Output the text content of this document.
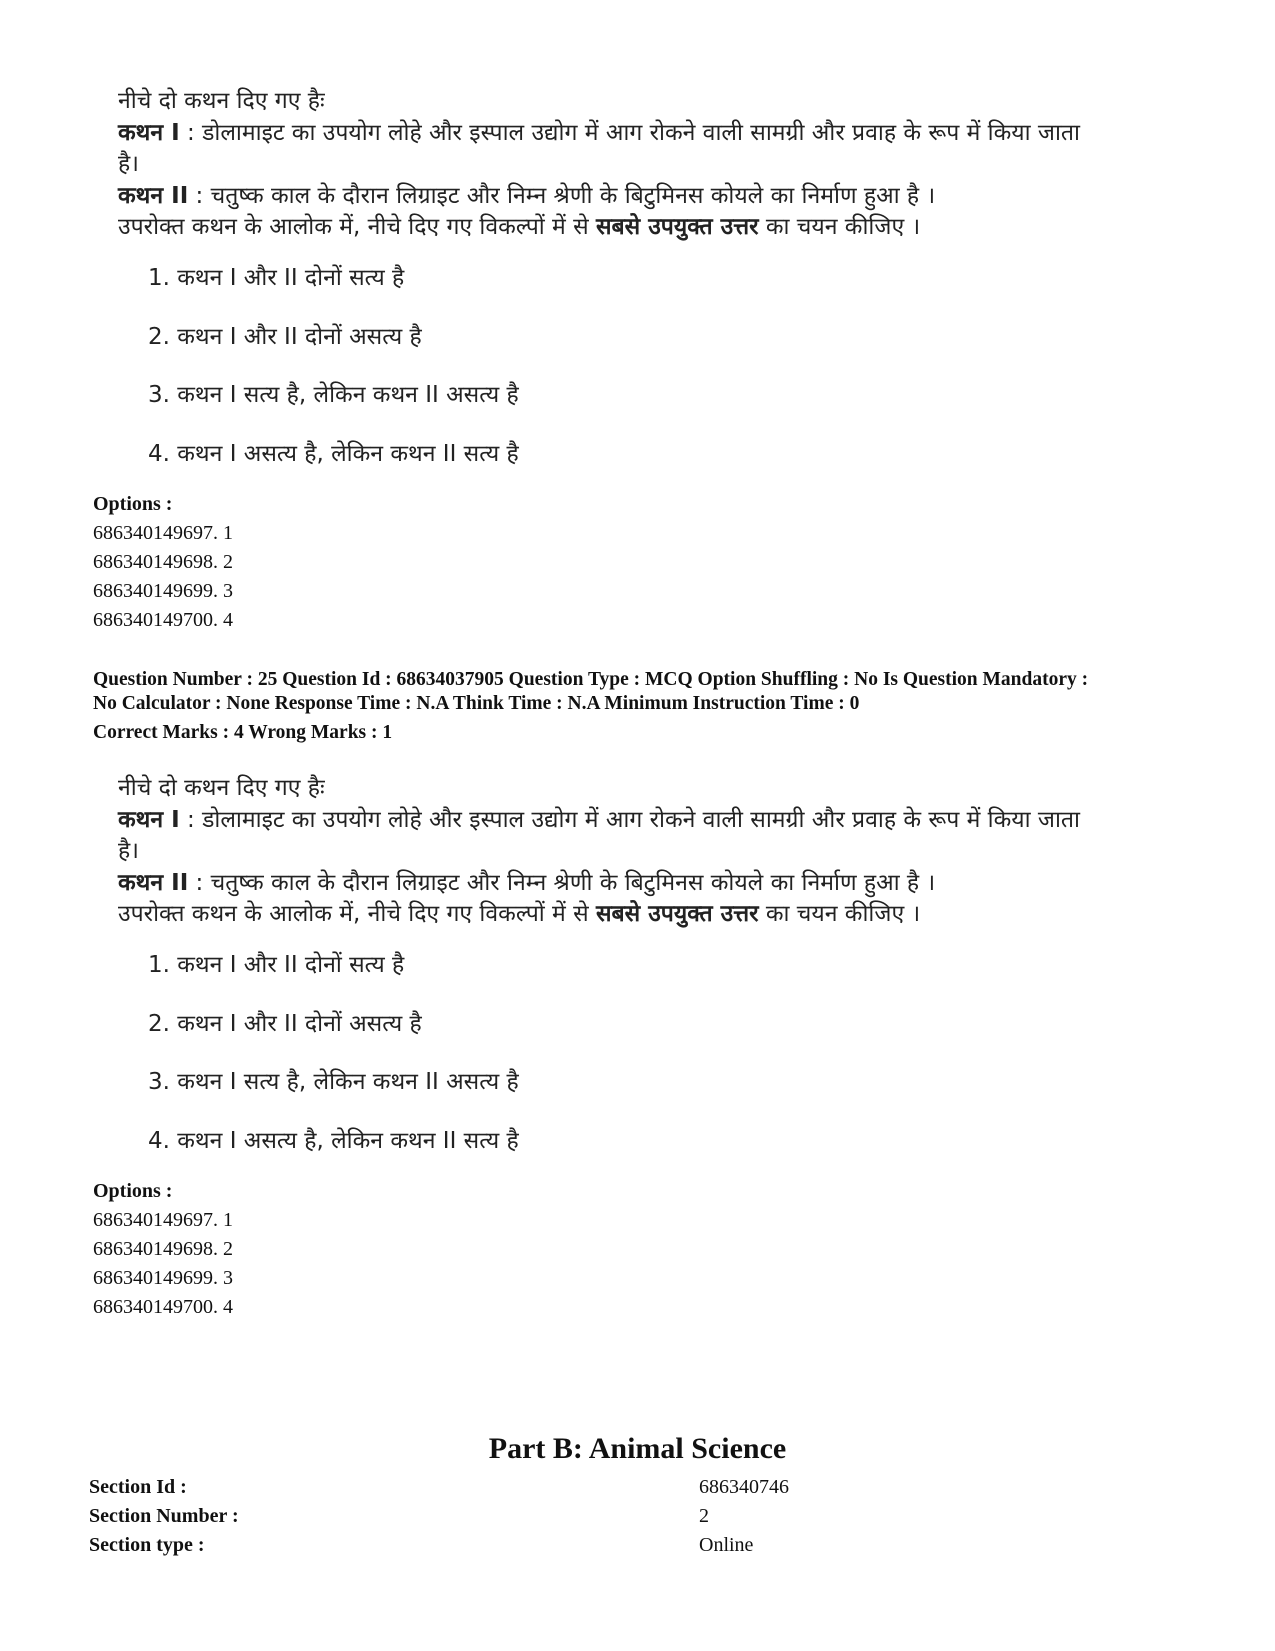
नीचे दो कथन दिए गए हैः
कथन I : डोलामाइट का उपयोग लोहे और इस्पाल उद्योग में आग रोकने वाली सामग्री और प्रवाह के रूप में किया जाता
है।
कथन II : चतुष्क काल के दौरान लिग्राइट और निम्न श्रेणी के बिटुमिनस कोयले का निर्माण हुआ है ।
उपरोक्त कथन के आलोक में, नीचे दिए गए विकल्पों में से सबसे उपयुक्त उत्तर का चयन कीजिए ।
1. कथन I और II दोनों सत्य है
2. कथन I और II दोनों असत्य है
3. कथन I सत्य है, लेकिन कथन II असत्य है
4. कथन I असत्य है, लेकिन कथन II सत्य है
Options :
686340149697. 1
686340149698. 2
686340149699. 3
686340149700. 4
Question Number : 25 Question Id : 68634037905 Question Type : MCQ Option Shuffling : No Is Question Mandatory :
No Calculator : None Response Time : N.A Think Time : N.A Minimum Instruction Time : 0
Correct Marks : 4 Wrong Marks : 1
नीचे दो कथन दिए गए हैः
कथन I : डोलामाइट का उपयोग लोहे और इस्पाल उद्योग में आग रोकने वाली सामग्री और प्रवाह के रूप में किया जाता
है।
कथन II : चतुष्क काल के दौरान लिग्राइट और निम्न श्रेणी के बिटुमिनस कोयले का निर्माण हुआ है ।
उपरोक्त कथन के आलोक में, नीचे दिए गए विकल्पों में से सबसे उपयुक्त उत्तर का चयन कीजिए ।
1. कथन I और II दोनों सत्य है
2. कथन I और II दोनों असत्य है
3. कथन I सत्य है, लेकिन कथन II असत्य है
4. कथन I असत्य है, लेकिन कथन II सत्य है
Options :
686340149697. 1
686340149698. 2
686340149699. 3
686340149700. 4
Part B: Animal Science
Section Id :	686340746
Section Number :	2
Section type :	Online
